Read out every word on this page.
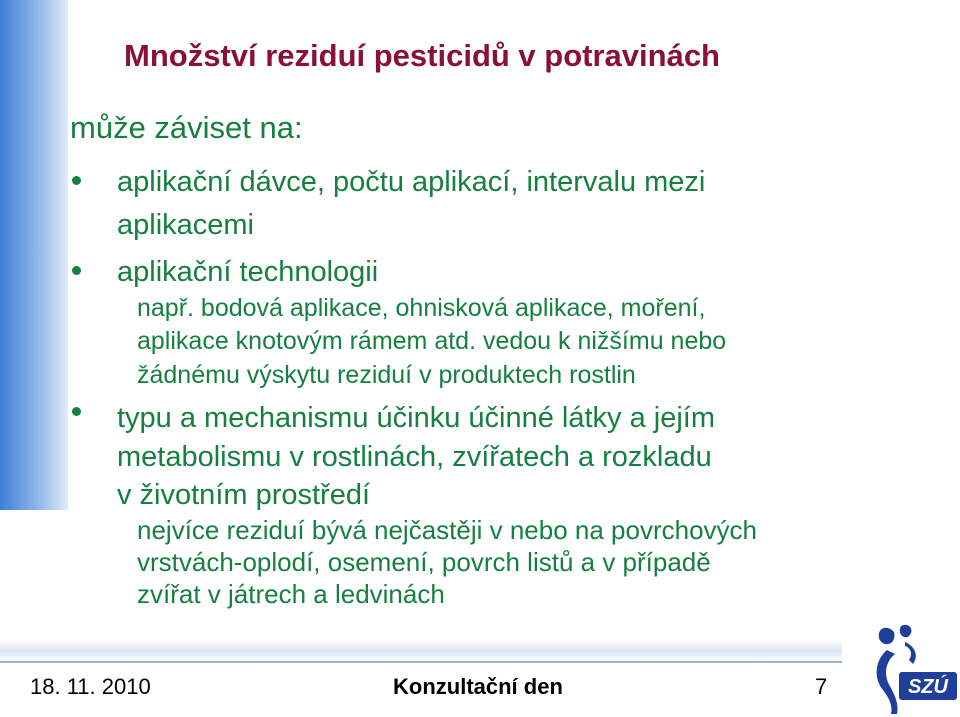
Množství reziduí pesticidů v potravinách
může záviset na:
aplikační dávce, počtu aplikací, intervalu mezi
aplikacemi
aplikační technologii
např. bodová aplikace, ohnisková aplikace, moření,
aplikace knotovým rámem atd. vedou k nižšímu nebo
žádnému výskytu reziduí v produktech rostlin
typu a mechanismu účinku účinné látky a jejím
metabolismu v rostlinách, zvířatech a rozkladu
v životním prostředí
nejvíce reziduí bývá nejčastěji v nebo na povrchových
vrstvách-oplodí, osemení, povrch listů a v případě
zvířat v játrech a ledvinách
18. 11. 2010	Konzultační den	7	SZÚ
